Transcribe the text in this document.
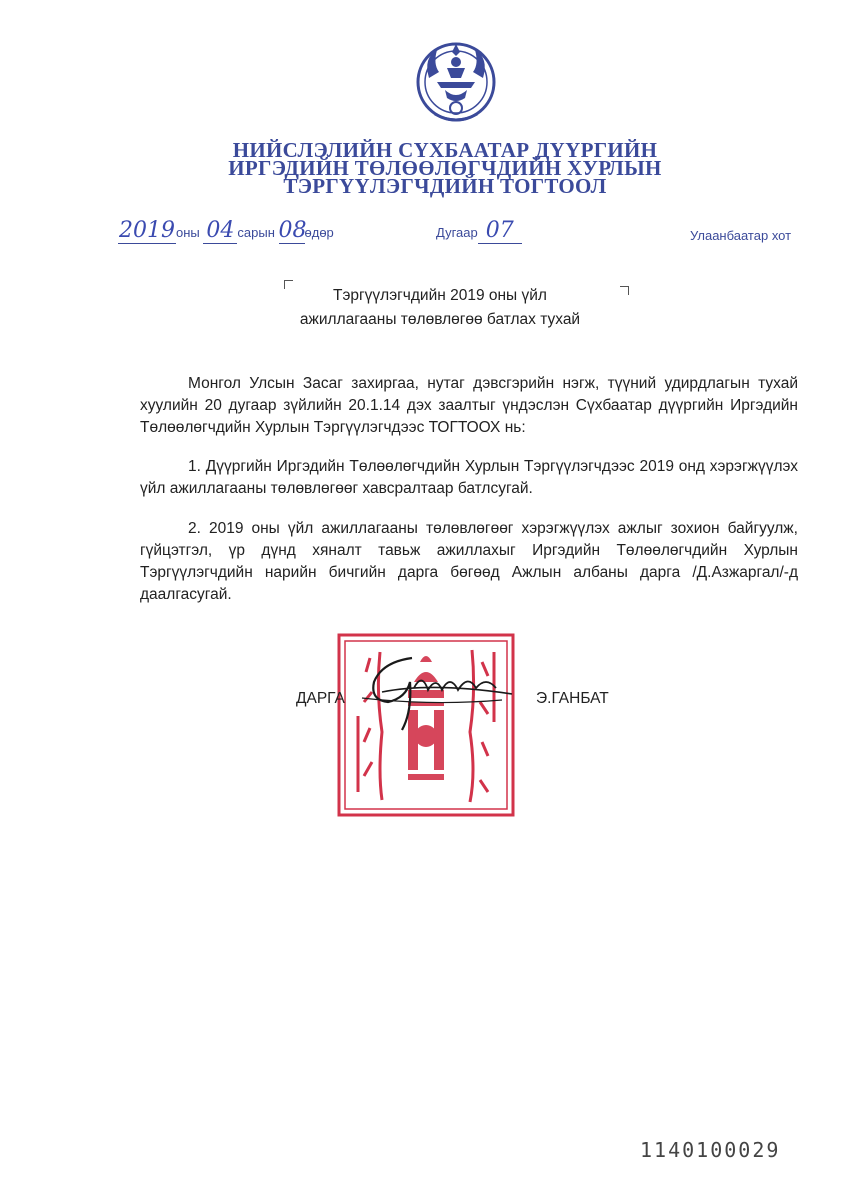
НИЙСЛЭЛИЙН СҮХБААТАР ДҮҮРГИЙН
ИРГЭДИЙН ТӨЛӨӨЛӨГЧДИЙН ХУРЛЫН
ТЭРГҮҮЛЭГЧДИЙН ТОГТООЛ
2019оны 04 сарын 08өдөр	Дугаар 07	Улаанбаатар хот
Тэргүүлэгчдийн 2019 оны үйл
ажиллагааны төлөвлөгөө батлах тухай
Монгол Улсын Засаг захиргаа, нутаг дэвсгэрийн нэгж, түүний удирдлагын тухай хуулийн 20 дугаар зүйлийн 20.1.14 дэх заалтыг үндэслэн Сүхбаатар дүүргийн Иргэдийн Төлөөлөгчдийн Хурлын Тэргүүлэгчдээс ТОГТООХ нь:
1. Дүүргийн Иргэдийн Төлөөлөгчдийн Хурлын Тэргүүлэгчдээс 2019 онд хэрэгжүүлэх үйл ажиллагааны төлөвлөгөөг хавсралтаар батлсугай.
2. 2019 оны үйл ажиллагааны төлөвлөгөөг хэрэгжүүлэх ажлыг зохион байгуулж, гүйцэтгэл, үр дүнд хяналт тавьж ажиллахыг Иргэдийн Төлөөлөгчдийн Хурлын Тэргүүлэгчдийн нарийн бичгийн дарга бөгөөд Ажлын албаны дарга /Д.Азжаргал/-д даалгасугай.
ДАРГА	Э.ГАНБАТ
1140100029
